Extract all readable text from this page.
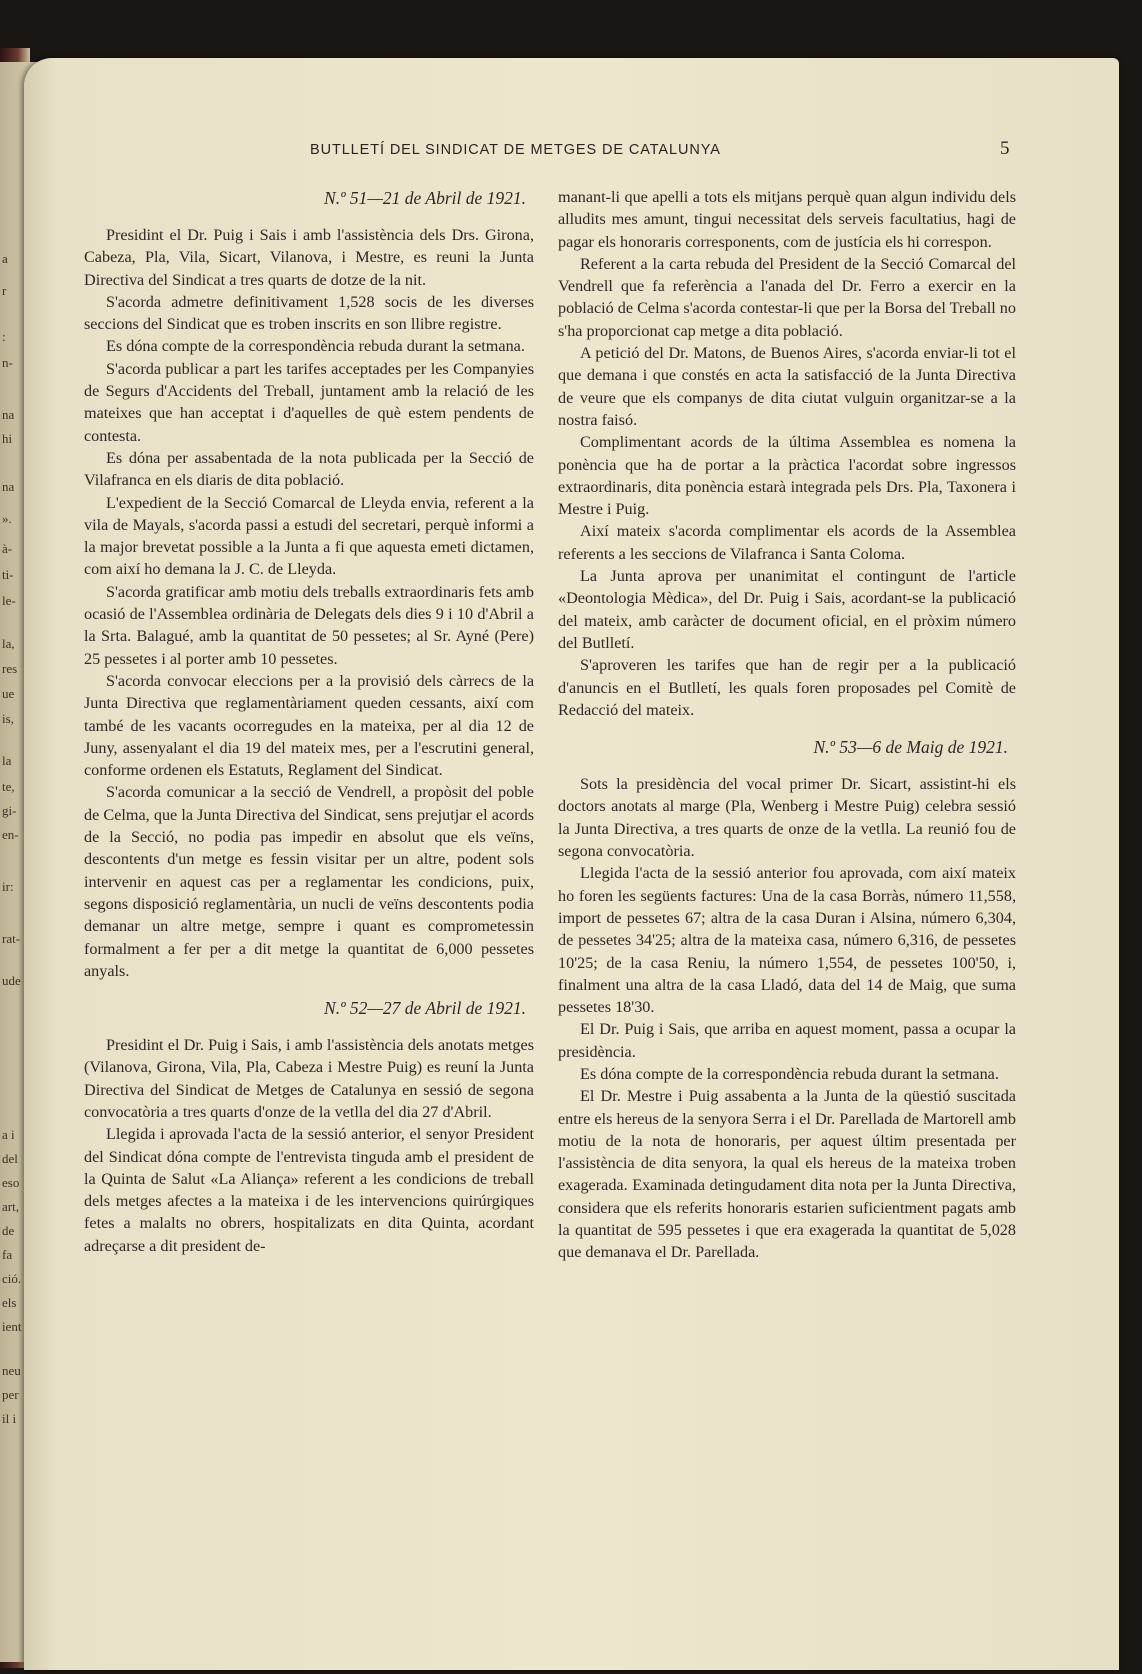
a
r
:
n-
na
hi
na
».
à-
ti-
le-
la,
res
ue
is,
la
te,
gi-
en-
ir:
rat-
ude
a i
del
eso
art,
de
fa
ció.
els
ient
neu
per
il i
BUTLLETÍ DEL SINDICAT DE METGES DE CATALUNYA	5
N.º 51—21 de Abril de 1921.

Presidint el Dr. Puig i Sais i amb l'assistència dels Drs. Girona, Cabeza, Pla, Vila, Sicart, Vilanova, i Mestre, es reuni la Junta Directiva del Sindicat a tres quarts de dotze de la nit.

S'acorda admetre definitivament 1,528 socis de les diverses seccions del Sindicat que es troben inscrits en son llibre registre.

Es dóna compte de la correspondència rebuda durant la setmana.

S'acorda publicar a part les tarifes acceptades per les Companyies de Segurs d'Accidents del Treball, juntament amb la relació de les mateixes que han acceptat i d'aquelles de què estem pendents de contesta.

Es dóna per assabentada de la nota publicada per la Secció de Vilafranca en els diaris de dita població.

L'expedient de la Secció Comarcal de Lleyda envia, referent a la vila de Mayals, s'acorda passi a estudi del secretari, perquè informi a la major brevetat possible a la Junta a fi que aquesta emeti dictamen, com així ho demana la J. C. de Lleyda.

S'acorda gratificar amb motiu dels treballs extraordinaris fets amb ocasió de l'Assemblea ordinària de Delegats dels dies 9 i 10 d'Abril a la Srta. Balagué, amb la quantitat de 50 pessetes; al Sr. Ayné (Pere) 25 pessetes i al porter amb 10 pessetes.

S'acorda convocar eleccions per a la provisió dels càrrecs de la Junta Directiva que reglamentàriament queden cessants, així com també de les vacants ocorregudes en la mateixa, per al dia 12 de Juny, assenyalant el dia 19 del mateix mes, per a l'escrutini general, conforme ordenen els Estatuts, Reglament del Sindicat.

S'acorda comunicar a la secció de Vendrell, a propòsit del poble de Celma, que la Junta Directiva del Sindicat, sens prejutjar el acords de la Secció, no podia pas impedir en absolut que els veïns, descontents d'un metge es fessin visitar per un altre, podent sols intervenir en aquest cas per a reglamentar les condicions, puix, segons disposició reglamentària, un nucli de veïns descontents podia demanar un altre metge, sempre i quant es comprometessin formalment a fer per a dit metge la quantitat de 6,000 pessetes anyals.

N.º 52—27 de Abril de 1921.

Presidint el Dr. Puig i Sais, i amb l'assistència dels anotats metges (Vilanova, Girona, Vila, Pla, Cabeza i Mestre Puig) es reuní la Junta Directiva del Sindicat de Metges de Catalunya en sessió de segona convocatòria a tres quarts d'onze de la vetlla del dia 27 d'Abril.

Llegida i aprovada l'acta de la sessió anterior, el senyor President del Sindicat dóna compte de l'entrevista tinguda amb el president de la Quinta de Salut «La Aliança» referent a les condicions de treball dels metges afectes a la mateixa i de les intervencions quirúrgiques fetes a malalts no obrers, hospitalizats en dita Quinta, acordant adreçarse a dit president de-

manant-li que apelli a tots els mitjans perquè quan algun individu dels alludits mes amunt, tingui necessitat dels serveis facultatius, hagi de pagar els honoraris corresponents, com de justícia els hi correspon.

Referent a la carta rebuda del President de la Secció Comarcal del Vendrell que fa referència a l'anada del Dr. Ferro a exercir en la població de Celma s'acorda contestar-li que per la Borsa del Treball no s'ha proporcionat cap metge a dita població.

A petició del Dr. Matons, de Buenos Aires, s'acorda enviar-li tot el que demana i que constés en acta la satisfacció de la Junta Directiva de veure que els companys de dita ciutat vulguin organitzar-se a la nostra faisó.

Complimentant acords de la última Assemblea es nomena la ponència que ha de portar a la pràctica l'acordat sobre ingressos extraordinaris, dita ponència estarà integrada pels Drs. Pla, Taxonera i Mestre i Puig.

Així mateix s'acorda complimentar els acords de la Assemblea referents a les seccions de Vilafranca i Santa Coloma.

La Junta aprova per unanimitat el contingunt de l'article «Deontologia Mèdica», del Dr. Puig i Sais, acordant-se la publicació del mateix, amb caràcter de document oficial, en el pròxim número del Butlletí.

S'aproveren les tarifes que han de regir per a la publicació d'anuncis en el Butlletí, les quals foren proposades pel Comitè de Redacció del mateix.

N.º 53—6 de Maig de 1921.

Sots la presidència del vocal primer Dr. Sicart, assistint-hi els doctors anotats al marge (Pla, Wenberg i Mestre Puig) celebra sessió la Junta Directiva, a tres quarts de onze de la vetlla. La reunió fou de segona convocatòria.

Llegida l'acta de la sessió anterior fou aprovada, com així mateix ho foren les següents factures: Una de la casa Borràs, número 11,558, import de pessetes 67; altra de la casa Duran i Alsina, número 6,304, de pessetes 34'25; altra de la mateixa casa, número 6,316, de pessetes 10'25; de la casa Reniu, la número 1,554, de pessetes 100'50, i, finalment una altra de la casa Lladó, data del 14 de Maig, que suma pessetes 18'30.

El Dr. Puig i Sais, que arriba en aquest moment, passa a ocupar la presidència.

Es dóna compte de la correspondència rebuda durant la setmana.

El Dr. Mestre i Puig assabenta a la Junta de la qüestió suscitada entre els hereus de la senyora Serra i el Dr. Parellada de Martorell amb motiu de la nota de honoraris, per aquest últim presentada per l'assistència de dita senyora, la qual els hereus de la mateixa troben exagerada. Examinada detingudament dita nota per la Junta Directiva, considera que els referits honoraris estarien suficientment pagats amb la quantitat de 595 pessetes i que era exagerada la quantitat de 5,028 que demanava el Dr. Parellada.
